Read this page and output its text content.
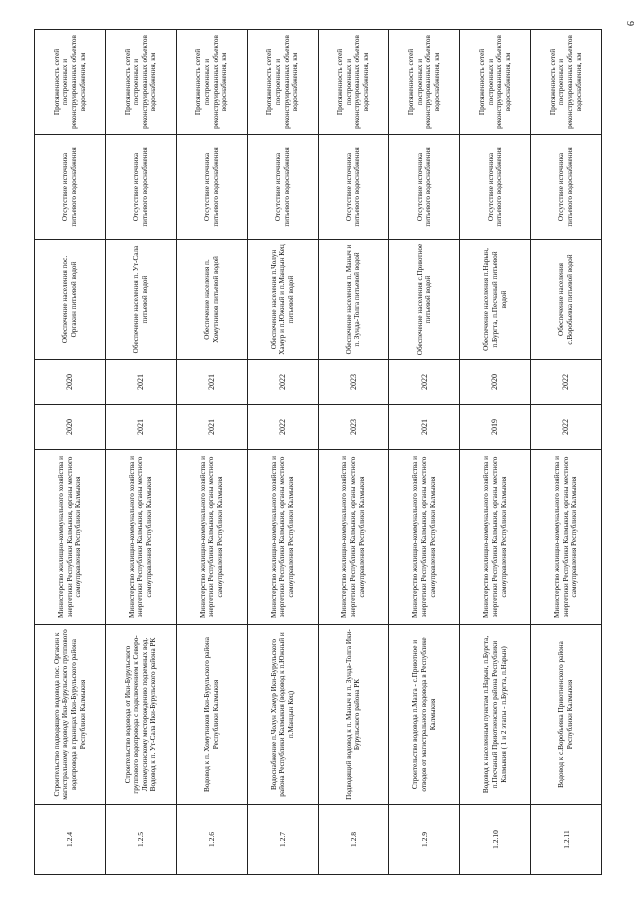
9
1.2.4	Строительство подводящего водовода пос. Оргакин к магистральному водоводу Ики-Бурульского группового водопровода в границах Ики-Бурульского района Республики Калмыкия	Министерство жилищно-коммунального хозяйства и энергетики Республики Калмыкия, органы местного самоуправления Республики Калмыкия	2020	2020	Обеспечение населения пос. Оргакин питьевой водой	Отсутствие источника питьевого водоснабжения	Протяженность сетей построенных и реконструированных объектов водоснабжения, км
1.2.5	Строительство водовода от Ики-Бурульского группового водопровода с подключением к Северо-Леонмусинскому месторождению подземных вод. Водовод к п. Ут-Сала Ики-Бурульского района РК	Министерство жилищно-коммунального хозяйства и энергетики Республики Калмыкия, органы местного самоуправления Республики Калмыкия	2021	2021	Обеспечение населения п. Ут-Сала питьевой водой	Отсутствие источника питьевого водоснабжения	Протяженность сетей построенных и реконструированных объектов водоснабжения, км
1.2.6	Водовод к п. Хомутников Ики-Бурульского района Республики Калмыкия	Министерство жилищно-коммунального хозяйства и энергетики Республики Калмыкия, органы местного самоуправления Республики Калмыкия	2021	2021	Обеспечение населения п. Хомутников питьевой водой	Отсутствие источника питьевого водоснабжения	Протяженность сетей построенных и реконструированных объектов водоснабжения, км
1.2.7	Водоснабжение п.Чолун Хамур Ики-Бурульского района Республики Калмыкия (водовод к п.Южный и п.Манцын Кец)	Министерство жилищно-коммунального хозяйства и энергетики Республики Калмыкия, органы местного самоуправления Республики Калмыкия	2022	2022	Обеспечение населения п.Чолун Хамур и п.Южный и п.Манцын Кец питьевой водой	Отсутствие источника питьевого водоснабжения	Протяженность сетей построенных и реконструированных объектов водоснабжения, км
1.2.8	Подводящий водовод к п. Маныч и п. Зунда-Толга Ики-Бурульского района РК	Министерство жилищно-коммунального хозяйства и энергетики Республики Калмыкия, органы местного самоуправления Республики Калмыкия	2023	2023	Обеспечение населения п. Маныч и п. Зунда-Толга питьевой водой	Отсутствие источника питьевого водоснабжения	Протяженность сетей построенных и реконструированных объектов водоснабжения, км
1.2.9	Строительство водовода п.Мазга - с.Приютное и отводов от магистрального водовода в Республике Калмыкия	Министерство жилищно-коммунального хозяйства и энергетики Республики Калмыкия, органы местного самоуправления Республики Калмыкия	2021	2022	Обеспечение населения с.Приютное питьевой водой	Отсутствие источника питьевого водоснабжения	Протяженность сетей построенных и реконструированных объектов водоснабжения, км
1.2.10	Водовод к населенным пунктам п.Нарын, п.Бургта, п.Песчаный Приютненского района Республики Калмыкия ( 1 и 2 этапы - п.Бургта, п.Нарын)	Министерство жилищно-коммунального хозяйства и энергетики Республики Калмыкия, органы местного самоуправления Республики Калмыкия	2019	2020	Обеспечение населения п.Нарын, п.Бургта, п.Песчаный питьевой водой	Отсутствие источника питьевого водоснабжения	Протяженность сетей построенных и реконструированных объектов водоснабжения, км
1.2.11	Водовод к с.Воробьевка Приютненского района Республики Калмыкия	Министерство жилищно-коммунального хозяйства и энергетики Республики Калмыкия, органы местного самоуправления Республики Калмыкия	2022	2022	Обеспечение населения с.Воробьевка питьевой водой	Отсутствие источника питьевого водоснабжения	Протяженность сетей построенных и реконструированных объектов водоснабжения, км
